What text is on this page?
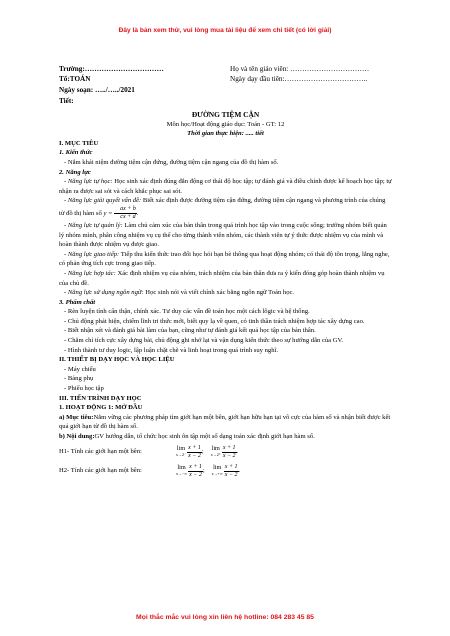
Đây là bản xem thử, vui lòng mua tài liệu để xem chi tiết (có lời giải)
Trường:……………………………
Tổ:TOÁN
Ngày soạn: …../…../2021
Tiết:
Họ và tên giáo viên: ……………………………
Ngày dạy đầu tiên:……………………………..

ĐƯỜNG TIỆM CẬN

Môn học/Hoạt động giáo dục: Toán - GT: 12

Thời gian thực hiện: ..... tiết

I. MỤC TIÊU

1. Kiến thức

- Nắm khái niệm đường tiệm cận đứng, đường tiệm cận ngang của đồ thị hàm số.

2. Năng lực

- Năng lực tự học: Học sinh xác định đúng đắn động cơ thái độ học tập; tự đánh giá và điều chỉnh được kế hoạch học tập; tự nhận ra được sai sót và cách khắc phục sai sót.

- Năng lực giải quyết vấn đề: Biết xác định được đường tiệm cận đứng, đường tiệm cận ngang và phương trình của chúng từ đồ thị hàm số $y = \frac{ax + b}{cx + d}$ .

- Năng lực tự quản lý: Làm chủ cảm xúc của bản thân trong quá trình học tập vào trong cuộc sống; trưởng nhóm biết quản lý nhóm mình, phân công nhiệm vụ cụ thể cho từng thành viên nhóm, các thành viên tự ý thức được nhiệm vụ của mình và hoàn thành được nhiệm vụ được giao.

- Năng lực giao tiếp: Tiếp thu kiến thức trao đổi học hỏi bạn bè thông qua hoạt động nhóm; có thái độ tôn trọng, lắng nghe, có phản ứng tích cực trong giao tiếp.

- Năng lực hợp tác: Xác định nhiệm vụ của nhóm, trách nhiệm của bản thân đưa ra ý kiến đóng góp hoàn thành nhiệm vụ của chủ đề.

- Năng lực sử dụng ngôn ngữ: Học sinh nói và viết chính xác bằng ngôn ngữ Toán học.

3. Phẩm chất

- Rèn luyện tính cẩn thận, chính xác. Tư duy các vấn đề toán học một cách lôgic và hệ thống.

- Chủ động phát hiện, chiếm lĩnh tri thức mới, biết quy lạ về quen, có tinh thần trách nhiệm hợp tác xây dựng cao.

- Biết nhận xét và đánh giá bài làm của bạn, cũng như tự đánh giá kết quả học tập của bản thân.

- Chăm chỉ tích cực xây dựng bài, chủ động ghi nhớ lại và vận dụng kiến thức theo sự hướng dẫn của GV.

- Hình thành tư duy logic, lập luận chặt chẽ và linh hoạt trong quá trình suy nghĩ.

II. THIẾT BỊ DẠY HỌC VÀ HỌC LIỆU

- Máy chiếu

- Bảng phụ

- Phiếu học tập

III. TIẾN TRÌNH DẠY HỌC

1. HOẠT ĐỘNG 1: MỞ ĐẦU

a) Mục tiêu:Nắm vững các phương pháp tìm giới hạn một bên, giới hạn hữu hạn tại vô cực của hàm số và nhận biết được kết quả giới hạn từ đồ thị hàm số.

b) Nội dung:GV hướng dẫn, tổ chức học sinh ôn tập một số dạng toán xác định giới hạn hàm số.

H1- Tính các giới hạn một bên:	lim
$x\to 2^- \frac{x + 1}{x - 2}$ ; lim
$x\to 2^+ \frac{x + 1}{x - 2}$ .
H2- Tính các giới hạn một bên:	lim
$x\to-\infty \frac{x + 1}{x - 2}$ ; lim
$x\to+\infty \frac{x + 1}{x - 2}$ .
Mọi thắc mắc vui lòng xin liên hệ hotline: 084 283 45 85
